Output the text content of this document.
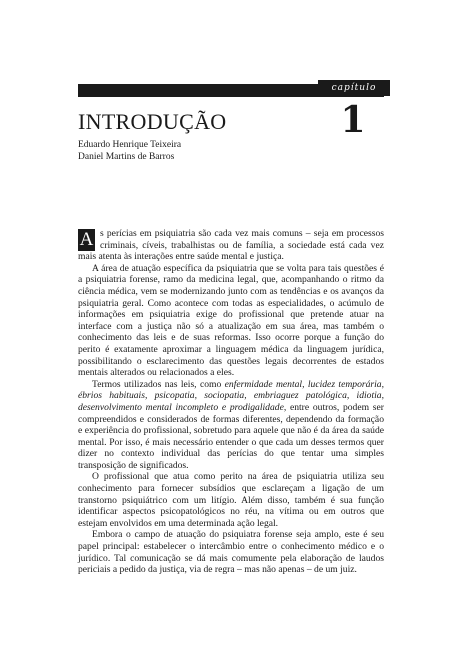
capítulo
1
INTRODUÇÃO
Eduardo Henrique Teixeira
Daniel Martins de Barros

A s perícias em psiquiatria são cada vez mais comuns – seja em processos criminais, cíveis, trabalhistas ou de família, a sociedade está cada vez mais atenta às interações entre saúde mental e justiça.

A área de atuação específica da psiquiatria que se volta para tais questões é a psiquiatria forense, ramo da medicina legal, que, acompanhando o ritmo da ciência médica, vem se modernizando junto com as tendências e os avanços da psiquiatria geral. Como acontece com todas as especialidades, o acúmulo de informações em psiquiatria exige do profissional que pretende atuar na interface com a justiça não só a atualização em sua área, mas também o conhecimento das leis e de suas reformas. Isso ocorre porque a função do perito é exatamente aproximar a linguagem médica da linguagem jurídica, possibilitando o esclarecimento das questões legais decorrentes de estados mentais alterados ou relacionados a eles.

Termos utilizados nas leis, como enfermidade mental, lucidez temporária, ébrios habituais, psicopatia, sociopatia, embriaguez patológica, idiotia, desenvolvimento mental incompleto e prodigalidade, entre outros, podem ser compreendidos e considerados de formas diferentes, dependendo da formação e experiência do profissional, sobretudo para aquele que não é da área da saúde mental. Por isso, é mais necessário entender o que cada um desses termos quer dizer no contexto individual das perícias do que tentar uma simples transposição de significados.

O profissional que atua como perito na área de psiquiatria utiliza seu conhecimento para fornecer subsídios que esclareçam a ligação de um transtorno psiquiátrico com um litígio. Além disso, também é sua função identificar aspectos psicopatológicos no réu, na vítima ou em outros que estejam envolvidos em uma determinada ação legal.

Embora o campo de atuação do psiquiatra forense seja amplo, este é seu papel principal: estabelecer o intercâmbio entre o conhecimento médico e o jurídico. Tal comunicação se dá mais comumente pela elaboração de laudos periciais a pedido da justiça, via de regra – mas não apenas – de um juiz.
